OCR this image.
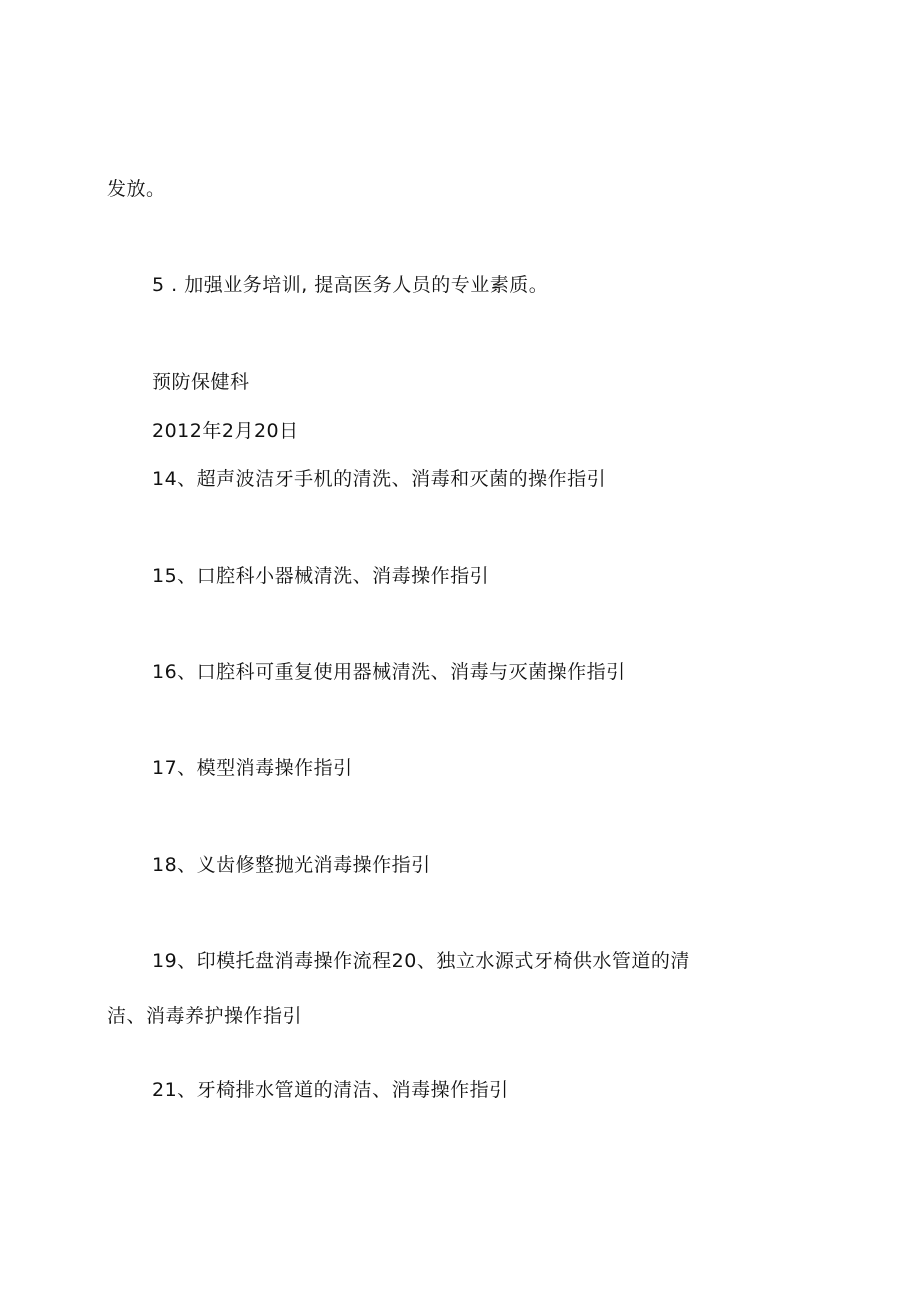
发放。
5 . 加强业务培训, 提高医务人员的专业素质。
预防保健科
2012年2月20日
14、超声波洁牙手机的清洗、消毒和灭菌的操作指引
15、口腔科小器械清洗、消毒操作指引
16、口腔科可重复使用器械清洗、消毒与灭菌操作指引
17、模型消毒操作指引
18、义齿修整抛光消毒操作指引
19、印模托盘消毒操作流程20、独立水源式牙椅供水管道的清
洁、消毒养护操作指引
21、牙椅排水管道的清洁、消毒操作指引
